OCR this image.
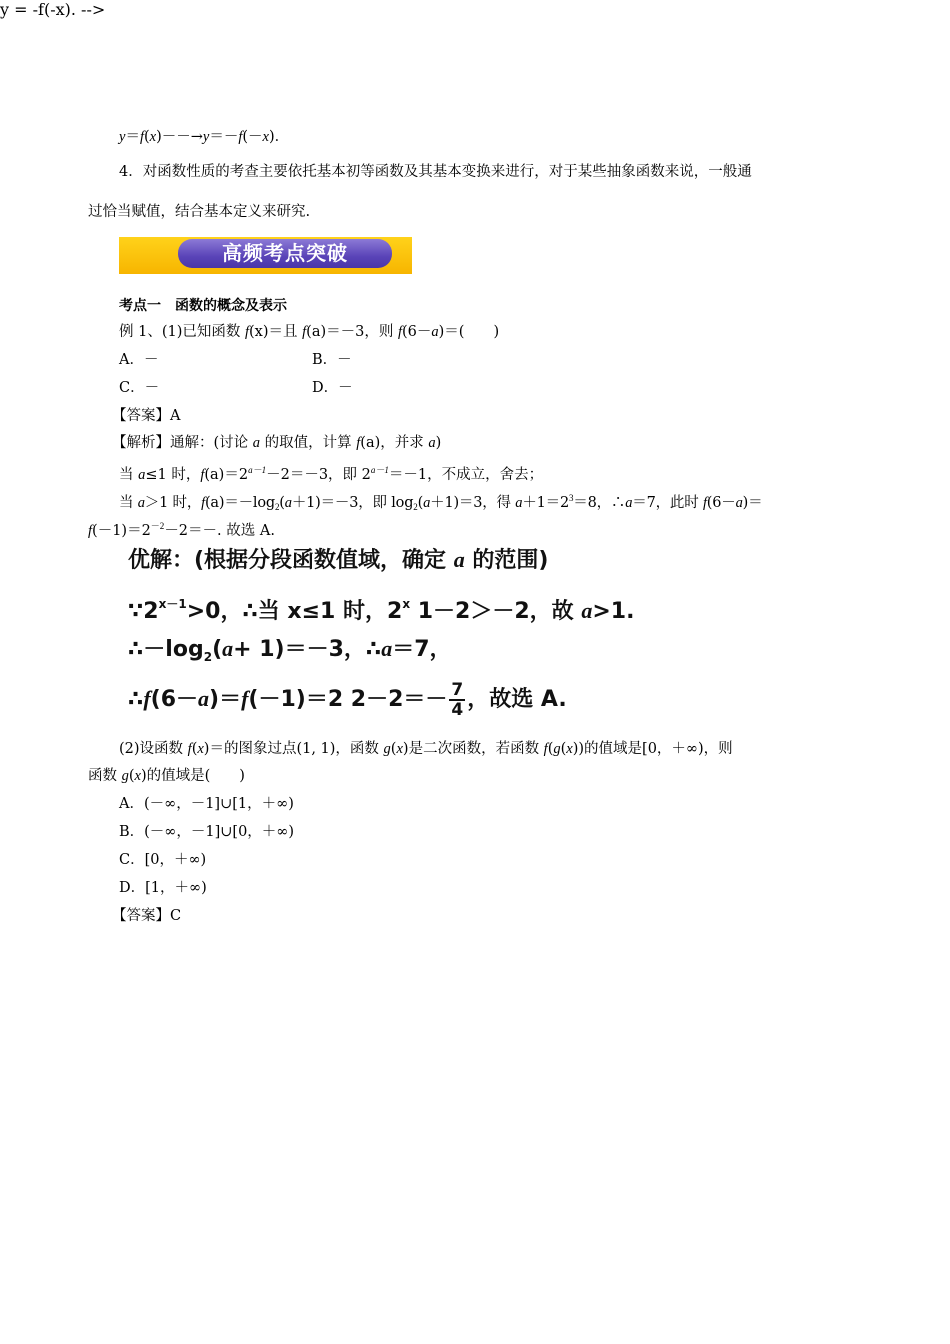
y = -f(-x). -->
y＝f(x)－－→y＝－f(－x)．
4．对函数性质的考查主要依托基本初等函数及其基本变换来进行，对于某些抽象函数来说，一般通
过恰当赋值，结合基本定义来研究.
高频考点突破
考点一　函数的概念及表示
例 1、(1)已知函数 f(x)＝且 f(a)＝－3，则 f(6－a)＝(　　)
A．－	B．－
C．－	D．－
【答案】A
【解析】通解：(讨论 a 的取值，计算 f(a)，并求 a)
当 a≤1 时，$f(a)=2^{a-1}-2=-3$，即 $2^{a-1}=-1$，不成立，舍去；
当 a＞1 时，$f(a)=-\log_2(a+1)=-3$，即 $\log_2(a+1)=3$，得 $a+1=2^3=8$，∴a＝7，此时 f(6－a)＝
$f(-1)=2^{-2}-2=-$. 故选 A.
优解：(根据分段函数值域，确定 a 的范围)
$\because 2^{x-1}>0$，∴当 x≤1 时，2$^x$ 1－2＞－2，故 a>1.
$\therefore-\log_2(a+ 1)=-3$，∴a＝7，
∴f(6－a)＝f(－1)＝2 $2-2=- \frac{7}{4}$ ，故选 A.
(2)设函数 f(x)＝的图象过点(1, 1)，函数 g(x)是二次函数，若函数 f(g(x))的值域是[0，＋∞)，则
函数 g(x)的值域是(　　)
A．(－∞，－1]∪[1，＋∞)
B．(－∞，－1]∪[0，＋∞)
C．[0，＋∞)
D．[1，＋∞)
【答案】C
